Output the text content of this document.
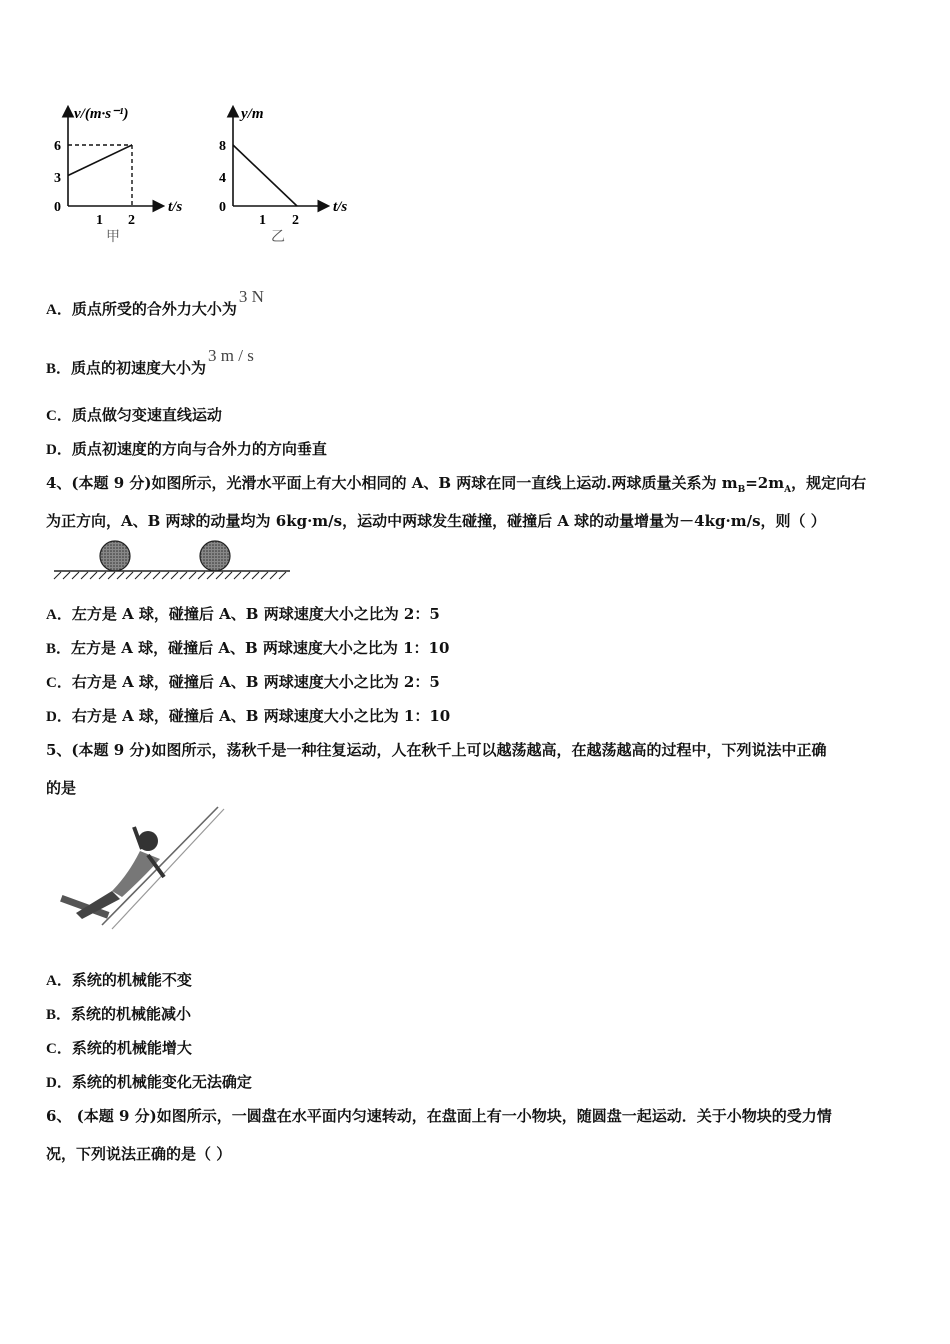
v/(m·s⁻¹)
6
3
0
1 2
t/s
甲
y/m
8
4
0
1 2
t/s
乙
A．质点所受的合外力大小为3 N
B．质点的初速度大小为3 m / s
C．质点做匀变速直线运动
D．质点初速度的方向与合外力的方向垂直
4、(本题 9 分)如图所示，光滑水平面上有大小相同的 A、B 两球在同一直线上运动.两球质量关系为 $m_B=2m_A$，规定向右
为正方向，A、B 两球的动量均为 6kg·m/s，运动中两球发生碰撞，碰撞后 A 球的动量增量为－4kg·m/s，则（ ）
A．左方是 A 球，碰撞后 A、B 两球速度大小之比为 2：5
B．左方是 A 球，碰撞后 A、B 两球速度大小之比为 1：10
C．右方是 A 球，碰撞后 A、B 两球速度大小之比为 2：5
D．右方是 A 球，碰撞后 A、B 两球速度大小之比为 1：10
5、(本题 9 分)如图所示，荡秋千是一种往复运动，人在秋千上可以越荡越高，在越荡越高的过程中，下列说法中正确
的是
A．系统的机械能不变
B．系统的机械能减小
C．系统的机械能增大
D．系统的机械能变化无法确定
6、 (本题 9 分)如图所示，一圆盘在水平面内匀速转动，在盘面上有一小物块，随圆盘一起运动．关于小物块的受力情
况，下列说法正确的是（ ）
